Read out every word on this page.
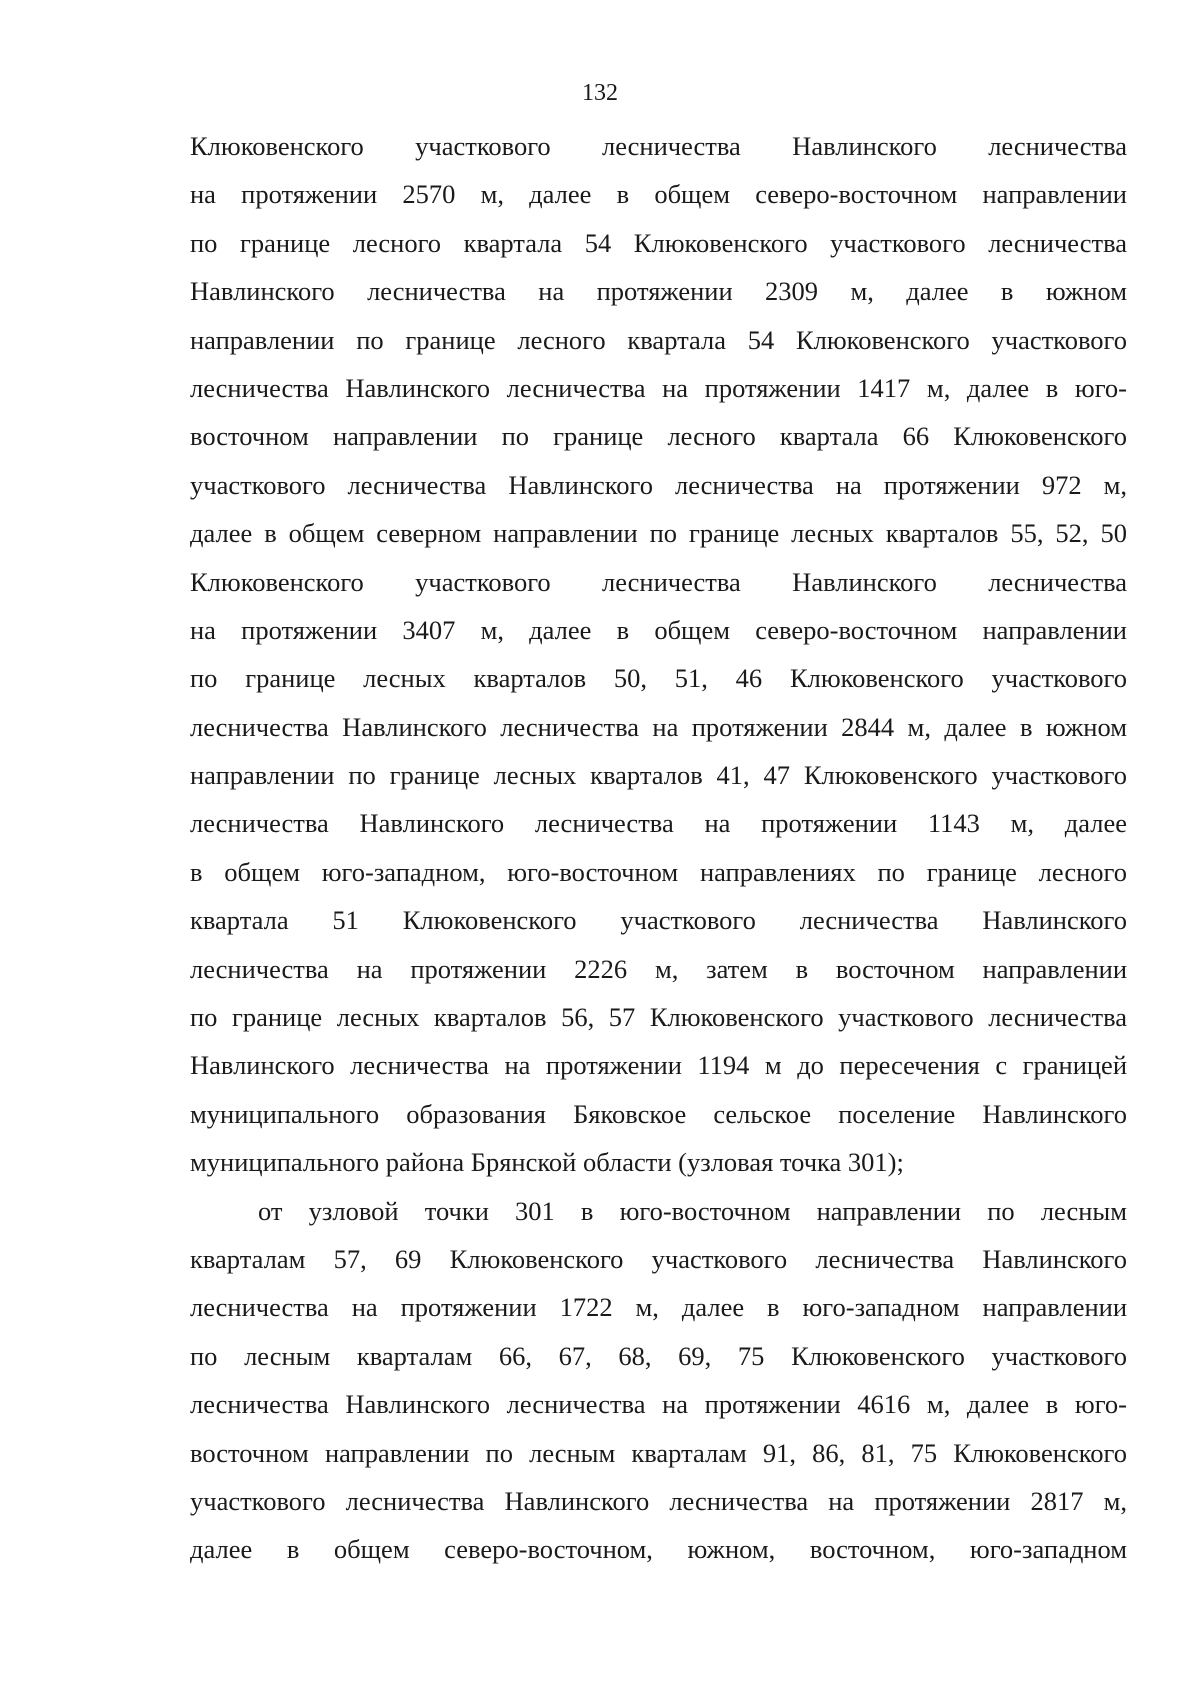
132
Клюковенского участкового лесничества Навлинского лесничества
на протяжении 2570 м, далее в общем северо-восточном направлении
по границе лесного квартала 54 Клюковенского участкового лесничества
Навлинского лесничества на протяжении 2309 м, далее в южном
направлении по границе лесного квартала 54 Клюковенского участкового
лесничества Навлинского лесничества на протяжении 1417 м, далее в юго-
восточном направлении по границе лесного квартала 66 Клюковенского
участкового лесничества Навлинского лесничества на протяжении 972 м,
далее в общем северном направлении по границе лесных кварталов 55, 52, 50
Клюковенского участкового лесничества Навлинского лесничества
на протяжении 3407 м, далее в общем северо-восточном направлении
по границе лесных кварталов 50, 51, 46 Клюковенского участкового
лесничества Навлинского лесничества на протяжении 2844 м, далее в южном
направлении по границе лесных кварталов 41, 47 Клюковенского участкового
лесничества Навлинского лесничества на протяжении 1143 м, далее
в общем юго-западном, юго-восточном направлениях по границе лесного
квартала 51 Клюковенского участкового лесничества Навлинского
лесничества на протяжении 2226 м, затем в восточном направлении
по границе лесных кварталов 56, 57 Клюковенского участкового лесничества
Навлинского лесничества на протяжении 1194 м до пересечения с границей
муниципального образования Бяковское сельское поселение Навлинского
муниципального района Брянской области (узловая точка 301);
от узловой точки 301 в юго-восточном направлении по лесным
кварталам 57, 69 Клюковенского участкового лесничества Навлинского
лесничества на протяжении 1722 м, далее в юго-западном направлении
по лесным кварталам 66, 67, 68, 69, 75 Клюковенского участкового
лесничества Навлинского лесничества на протяжении 4616 м, далее в юго-
восточном направлении по лесным кварталам 91, 86, 81, 75 Клюковенского
участкового лесничества Навлинского лесничества на протяжении 2817 м,
далее в общем северо-восточном, южном, восточном, юго-западном
